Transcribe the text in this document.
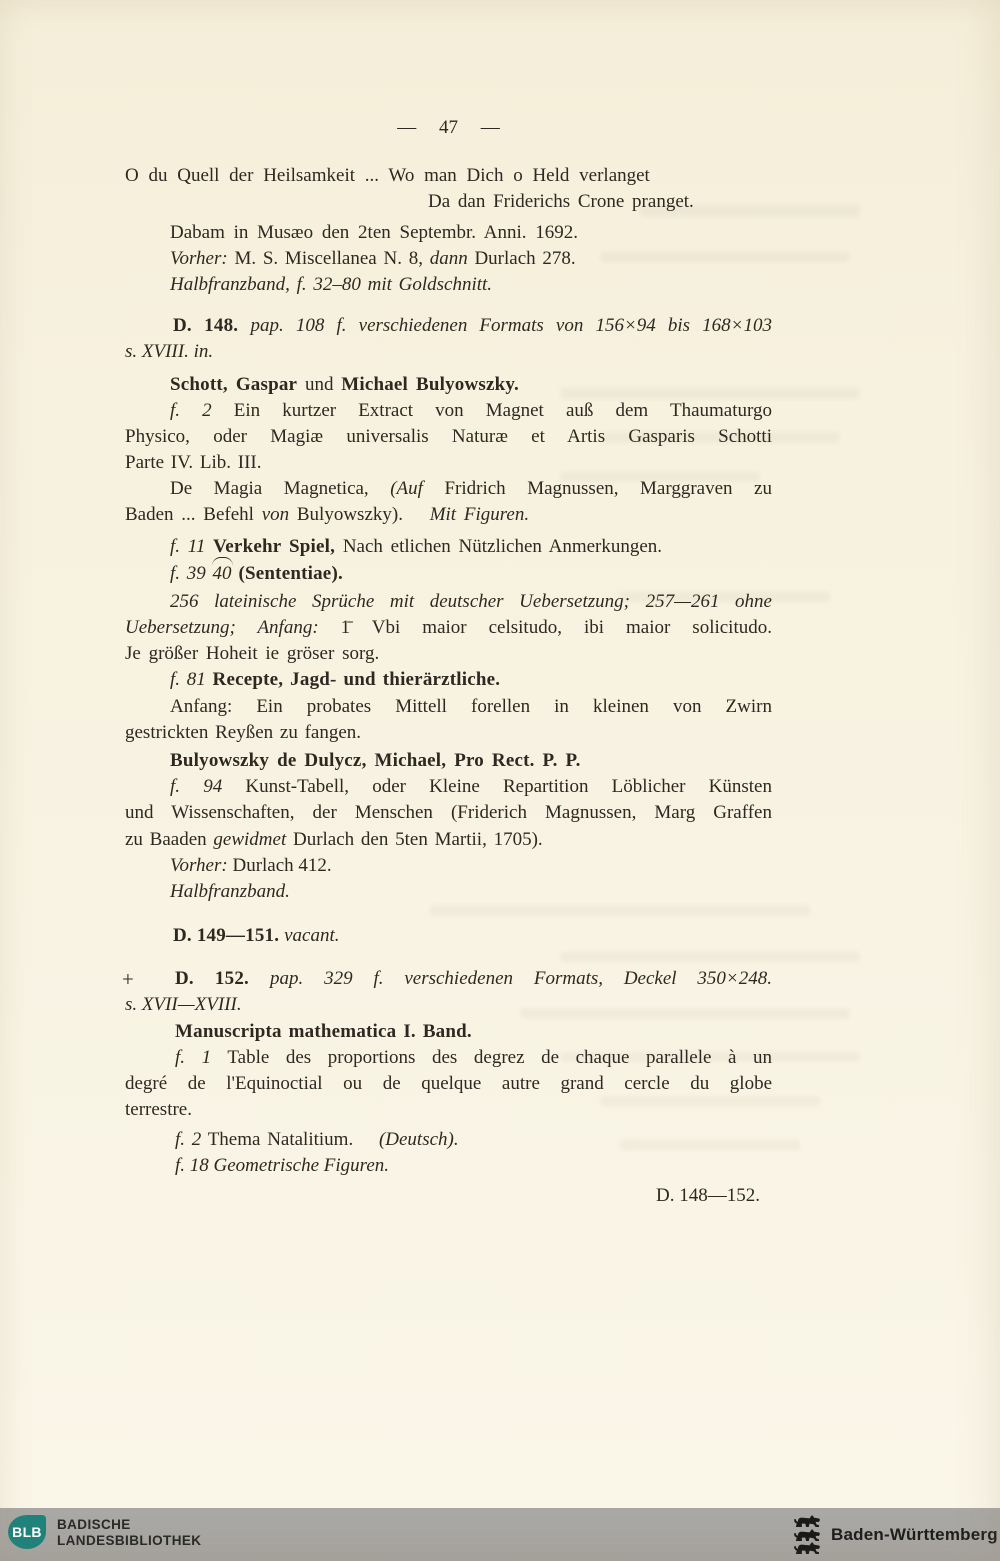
— 47 —
O du Quell der Heilsamkeit ... Wo man Dich o Held verlanget
Da dan Friderichs Crone pranget.
Dabam in Musæo den 2ten Septembr. Anni. 1692.
Vorher: M. S. Miscellanea N. 8, dann Durlach 278.
Halbfranzband, f. 32–80 mit Goldschnitt.
D. 148. pap. 108 f. verschiedenen Formats von 156×94 bis 168×103
s. XVIII. in.
Schott, Gaspar und Michael Bulyowszky.
f. 2 Ein kurtzer Extract von Magnet auß dem Thaumaturgo
Physico, oder Magiæ universalis Naturæ et Artis Gasparis Schotti
Parte IV. Lib. III.
De Magia Magnetica, (Auf Fridrich Magnussen, Marggraven zu
Baden ... Befehl von Bulyowszky).  Mit Figuren.
f. 11 Verkehr Spiel, Nach etlichen Nützlichen Anmerkungen.
f. 39 40 (Sententiae).
256 lateinische Sprüche mit deutscher Uebersetzung; 257—261 ohne
Uebersetzung; Anfang: 1̄ Vbi maior celsitudo, ibi maior solicitudo.
Je größer Hoheit ie gröser sorg.
f. 81 Recepte, Jagd- und thierärztliche.
Anfang: Ein probates Mittell forellen in kleinen von Zwirn
gestrickten Reyßen zu fangen.
Bulyowszky de Dulycz, Michael, Pro Rect. P. P.
f. 94 Kunst-Tabell, oder Kleine Repartition Löblicher Künsten
und Wissenschaften, der Menschen (Friderich Magnussen, Marg Graffen
zu Baaden gewidmet Durlach den 5ten Martii, 1705).
Vorher: Durlach 412.
Halbfranzband.
D. 149—151. vacant.
+ D. 152. pap. 329 f. verschiedenen Formats, Deckel 350×248.
s. XVII—XVIII.
Manuscripta mathematica I. Band.
f. 1 Table des proportions des degrez de chaque parallele à un
degré de l'Equinoctial ou de quelque autre grand cercle du globe
terrestre.
f. 2 Thema Natalitium.  (Deutsch).
f. 18 Geometrische Figuren.
D. 148—152.
BLB BADISCHE
LANDESBIBLIOTHEK	Baden-Württemberg
